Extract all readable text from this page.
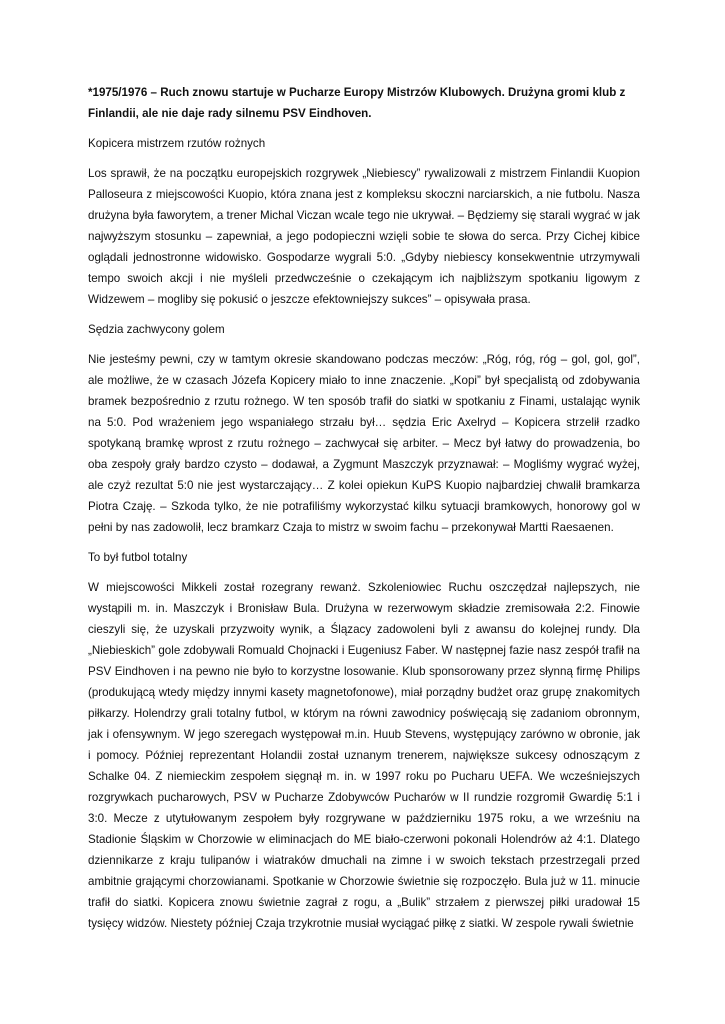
*1975/1976 – Ruch znowu startuje w Pucharze Europy Mistrzów Klubowych. Drużyna gromi klub z Finlandii, ale nie daje rady silnemu PSV Eindhoven.

Kopicera mistrzem rzutów rożnych

Los sprawił, że na początku europejskich rozgrywek „Niebiescy” rywalizowali z mistrzem Finlandii Kuopion Palloseura z miejscowości Kuopio, która znana jest z kompleksu skoczni narciarskich, a nie futbolu. Nasza drużyna była faworytem, a trener Michal Viczan wcale tego nie ukrywał. – Będziemy się starali wygrać w jak najwyższym stosunku – zapewniał, a jego podopieczni wzięli sobie te słowa do serca. Przy Cichej kibice oglądali jednostronne widowisko. Gospodarze wygrali 5:0. „Gdyby niebiescy konsekwentnie utrzymywali tempo swoich akcji i nie myśleli przedwcześnie o czekającym ich najbliższym spotkaniu ligowym z Widzewem – mogliby się pokusić o jeszcze efektowniejszy sukces” – opisywała prasa.

Sędzia zachwycony golem

Nie jesteśmy pewni, czy w tamtym okresie skandowano podczas meczów: „Róg, róg, róg – gol, gol, gol”, ale możliwe, że w czasach Józefa Kopicery miało to inne znaczenie. „Kopi” był specjalistą od zdobywania bramek bezpośrednio z rzutu rożnego. W ten sposób trafił do siatki w spotkaniu z Finami, ustalając wynik na 5:0. Pod wrażeniem jego wspaniałego strzału był… sędzia Eric Axelryd – Kopicera strzelił rzadko spotykaną bramkę wprost z rzutu rożnego – zachwycał się arbiter. – Mecz był łatwy do prowadzenia, bo oba zespoły grały bardzo czysto – dodawał, a Zygmunt Maszczyk przyznawał: – Mogliśmy wygrać wyżej, ale czyż rezultat 5:0 nie jest wystarczający… Z kolei opiekun KuPS Kuopio najbardziej chwalił bramkarza Piotra Czaję. – Szkoda tylko, że nie potrafiliśmy wykorzystać kilku sytuacji bramkowych, honorowy gol w pełni by nas zadowolił, lecz bramkarz Czaja to mistrz w swoim fachu – przekonywał Martti Raesaenen.

To był futbol totalny

W miejscowości Mikkeli został rozegrany rewanż. Szkoleniowiec Ruchu oszczędzał najlepszych, nie wystąpili m. in. Maszczyk i Bronisław Bula. Drużyna w rezerwowym składzie zremisowała 2:2. Finowie cieszyli się, że uzyskali przyzwoity wynik, a Ślązacy zadowoleni byli z awansu do kolejnej rundy. Dla „Niebieskich” gole zdobywali Romuald Chojnacki i Eugeniusz Faber. W następnej fazie nasz zespół trafił na PSV Eindhoven i na pewno nie było to korzystne losowanie. Klub sponsorowany przez słynną firmę Philips (produkującą wtedy między innymi kasety magnetofonowe), miał porządny budżet oraz grupę znakomitych piłkarzy. Holendrzy grali totalny futbol, w którym na równi zawodnicy poświęcają się zadaniom obronnym, jak i ofensywnym. W jego szeregach występował m.in. Huub Stevens, występujący zarówno w obronie, jak i pomocy. Później reprezentant Holandii został uznanym trenerem, największe sukcesy odnoszącym z Schalke 04. Z niemieckim zespołem sięgnął m. in. w 1997 roku po Pucharu UEFA. We wcześniejszych rozgrywkach pucharowych, PSV w Pucharze Zdobywców Pucharów w II rundzie rozgromił Gwardię 5:1 i 3:0. Mecze z utytułowanym zespołem były rozgrywane w październiku 1975 roku, a we wrześniu na Stadionie Śląskim w Chorzowie w eliminacjach do ME biało-czerwoni pokonali Holendrów aż 4:1. Dlatego dziennikarze z kraju tulipanów i wiatraków dmuchali na zimne i w swoich tekstach przestrzegali przed ambitnie grającymi chorzowianami. Spotkanie w Chorzowie świetnie się rozpoczęło. Bula już w 11. minucie trafił do siatki. Kopicera znowu świetnie zagrał z rogu, a „Bulik” strzałem z pierwszej piłki uradował 15 tysięcy widzów. Niestety później Czaja trzykrotnie musiał wyciągać piłkę z siatki. W zespole rywali świetnie
